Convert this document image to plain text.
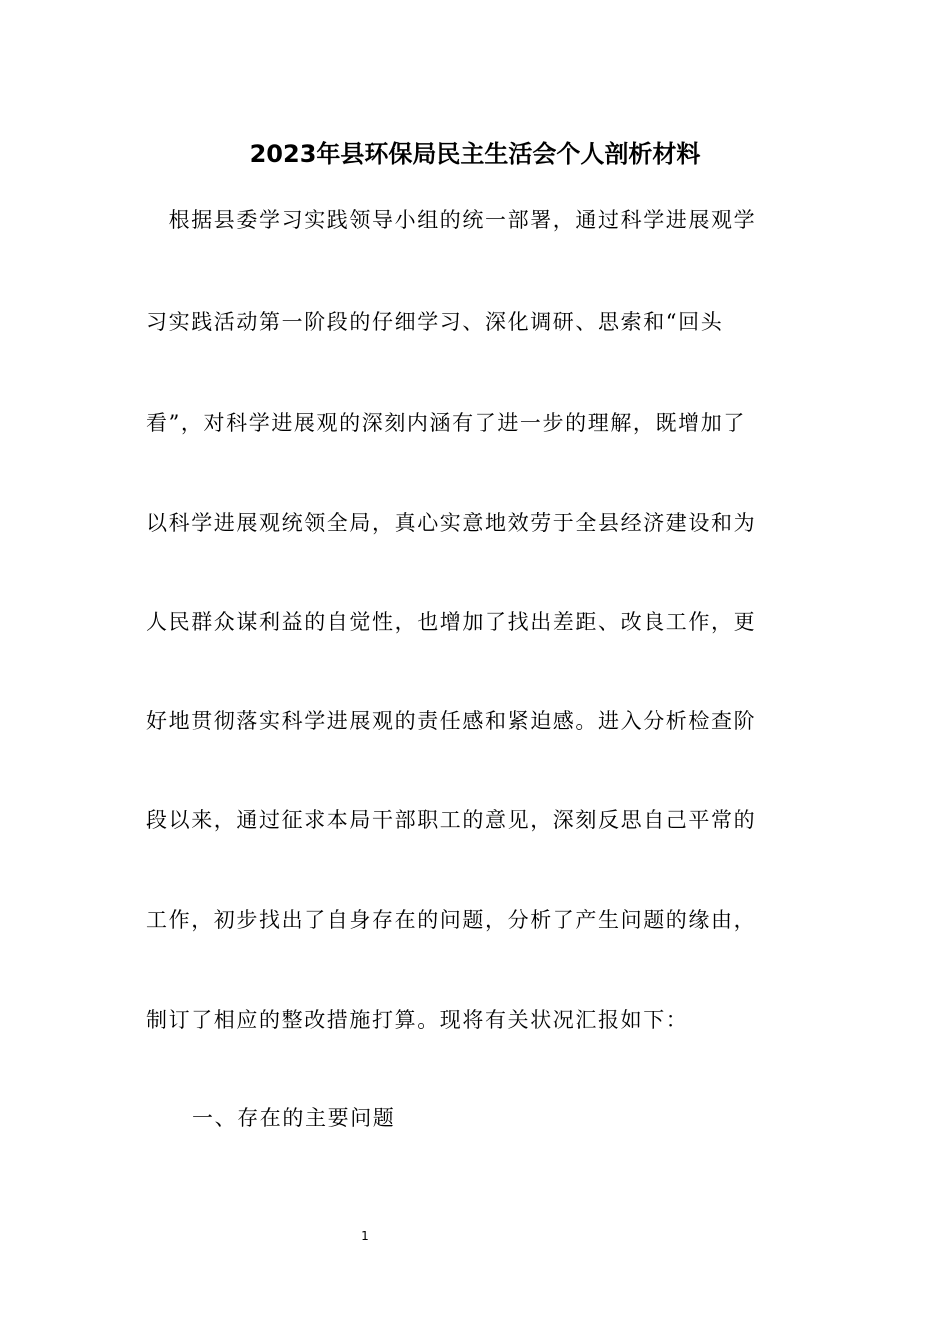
2023年县环保局民主生活会个人剖析材料
　根据县委学习实践领导小组的统一部署，通过科学进展观学
习实践活动第一阶段的仔细学习、深化调研、思索和“回头
看”，对科学进展观的深刻内涵有了进一步的理解，既增加了
以科学进展观统领全局，真心实意地效劳于全县经济建设和为
人民群众谋利益的自觉性，也增加了找出差距、改良工作，更
好地贯彻落实科学进展观的责任感和紧迫感。进入分析检查阶
段以来，通过征求本局干部职工的意见，深刻反思自己平常的
工作，初步找出了自身存在的问题，分析了产生问题的缘由，
制订了相应的整改措施打算。现将有关状况汇报如下：
一、存在的主要问题
1
